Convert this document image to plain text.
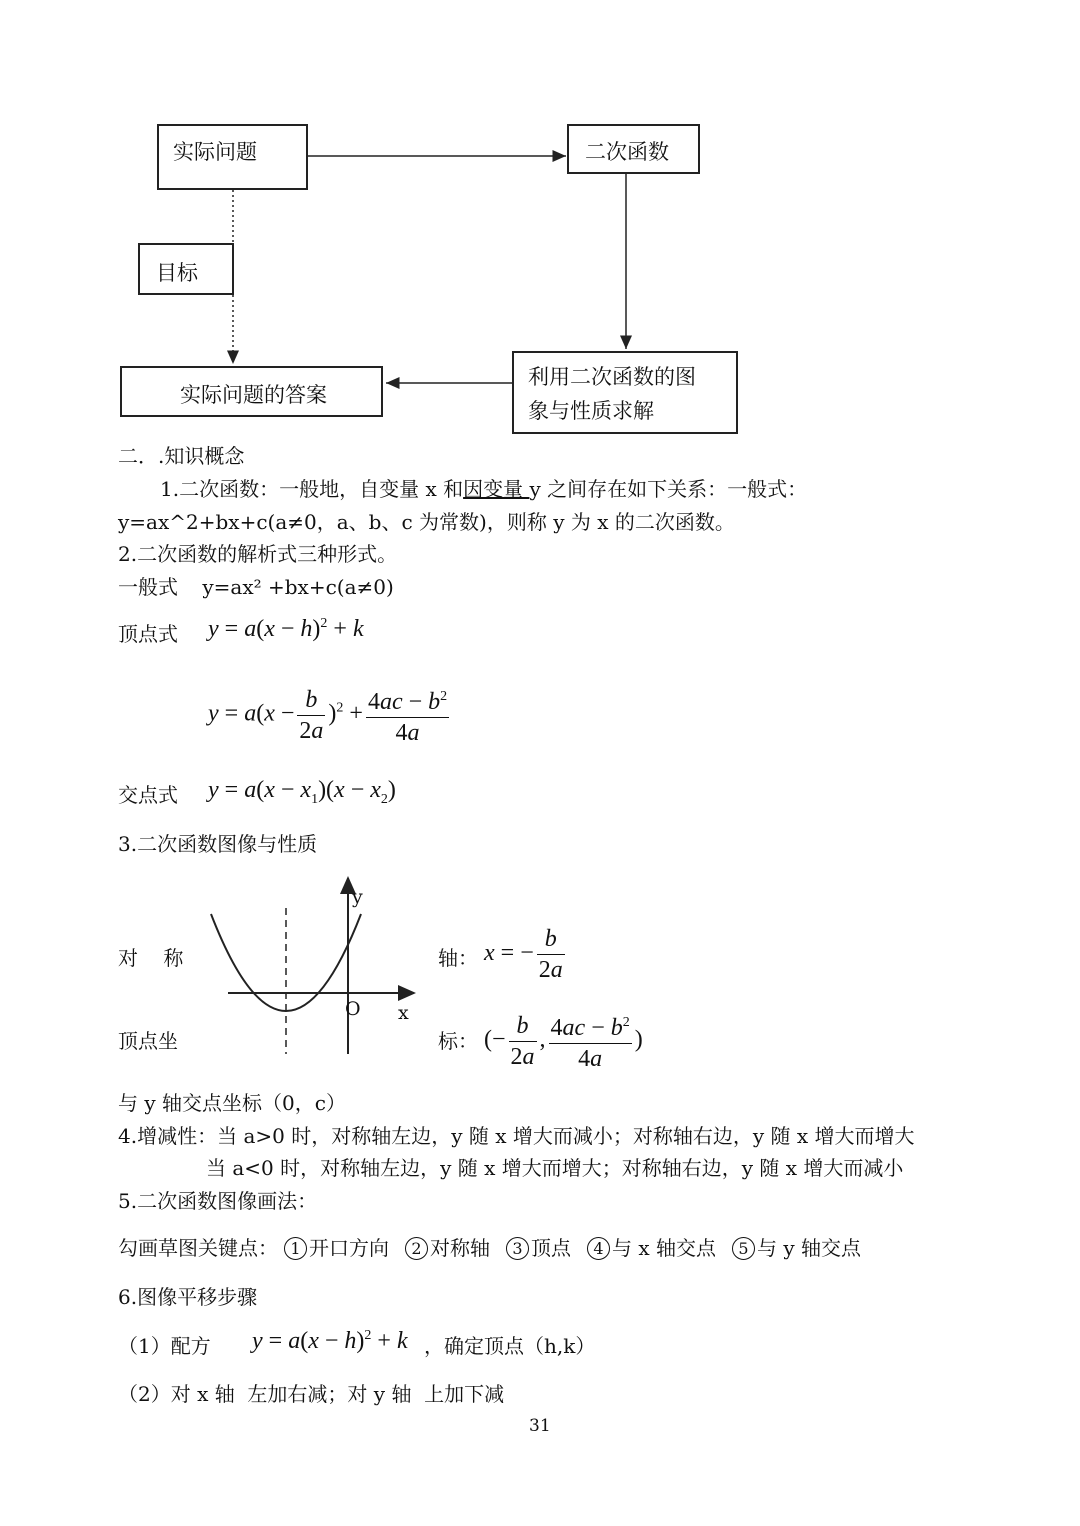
实际问题	二次函数
目标
实际问题的答案
利用二次函数的图
象与性质求解
二．.知识概念
1.二次函数：一般地，自变量 x 和因变量 y 之间存在如下关系：一般式：
y=ax^2+bx+c(a≠0，a、b、c 为常数)，则称 y 为 x 的二次函数。
2.二次函数的解析式三种形式。
一般式 y=ax² +bx+c(a≠0)
顶点式 $y = a(x - h)^2 + k$
$y = a(x - \frac{b}{2a} )^2 + \frac{4ac - b^2}{4a}$
交点式 $y = a(x - x_1)(x - x_2)$
3.二次函数图像与性质
y
x
O
对    称	轴： x = − $\frac{b}{2a}$
顶点坐	标： (− $\frac{b}{2a}$ , $\frac{4ac - b^2}{4a}$ )
与 y 轴交点坐标（0，c）
4.增减性：当 a>0 时，对称轴左边，y 随 x 增大而减小；对称轴右边，y 随 x 增大而增大
当 a<0 时，对称轴左边，y 随 x 增大而增大；对称轴右边，y 随 x 增大而减小
5.二次函数图像画法：
勾画草图关键点： 1 开口方向 2 对称轴 3 顶点 4 与 x 轴交点 5 与 y 轴交点
6.图像平移步骤
（1）配方 $y = a(x - h)^2 + k$ ，确定顶点（h,k）
（2）对 x 轴  左加右减；对 y 轴  上加下减
31
